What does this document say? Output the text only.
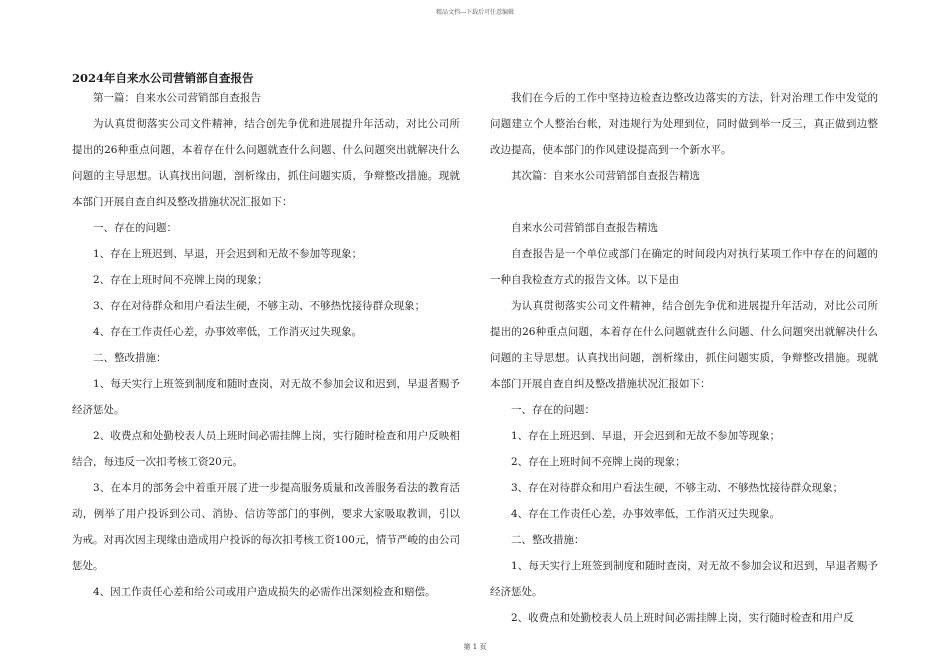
精品文档---下载后可任意编辑
2024年自来水公司营销部自查报告

第一篇：自来水公司营销部自查报告

为认真贯彻落实公司文件精神，结合创先争优和进展提升年活动，对比公司所提出的26种重点问题，本着存在什么问题就查什么问题、什么问题突出就解决什么问题的主导思想。认真找出问题，剖析缘由，抓住问题实质，争辩整改措施。现就本部门开展自查自纠及整改措施状况汇报如下：

一、存在的问题：

1、存在上班迟到、早退，开会迟到和无故不参加等现象；

2、存在上班时间不亮牌上岗的现象；

3、存在对待群众和用户看法生硬，不够主动、不够热忱接待群众现象；

4、存在工作责任心差，办事效率低，工作消灭过失现象。

二、整改措施：

1、每天实行上班签到制度和随时查岗，对无故不参加会议和迟到，早退者赐予经济惩处。

2、收费点和处勤校表人员上班时间必需挂牌上岗，实行随时检查和用户反映相结合，每违反一次扣考核工资20元。

3、在本月的部务会中着重开展了进一步提高服务质量和改善服务看法的教育活动，例举了用户投诉到公司、消协、信访等部门的事例，要求大家吸取教训，引以为戒。对再次因主现缘由造成用户投诉的每次扣考核工资100元，情节严峻的由公司惩处。

4、因工作责任心差和给公司或用户造成损失的必需作出深刻检查和赔偿。

我们在今后的工作中坚持边检查边整改边落实的方法，针对治理工作中发觉的问题建立个人整治台帐，对违规行为处理到位，同时做到举一反三，真正做到边整改边提高，使本部门的作风建设提高到一个新水平。

其次篇：自来水公司营销部自查报告精选

自来水公司营销部自查报告精选

自查报告是一个单位或部门在确定的时间段内对执行某项工作中存在的问题的一种自我检查方式的报告文体。以下是由

为认真贯彻落实公司文件精神，结合创先争优和进展提升年活动，对比公司所提出的26种重点问题，本着存在什么问题就查什么问题、什么问题突出就解决什么问题的主导思想。认真找出问题，剖析缘由，抓住问题实质，争辩整改措施。现就本部门开展自查自纠及整改措施状况汇报如下：

一、存在的问题：

1、存在上班迟到、早退，开会迟到和无故不参加等现象；

2、存在上班时间不亮牌上岗的现象；

3、存在对待群众和用户看法生硬，不够主动、不够热忱接待群众现象；

4、存在工作责任心差，办事效率低，工作消灭过失现象。

二、整改措施：

1、每天实行上班签到制度和随时查岗，对无故不参加会议和迟到，早退者赐予经济惩处。

2、收费点和处勤校表人员上班时间必需挂牌上岗，实行随时检查和用户反

第 1 页
